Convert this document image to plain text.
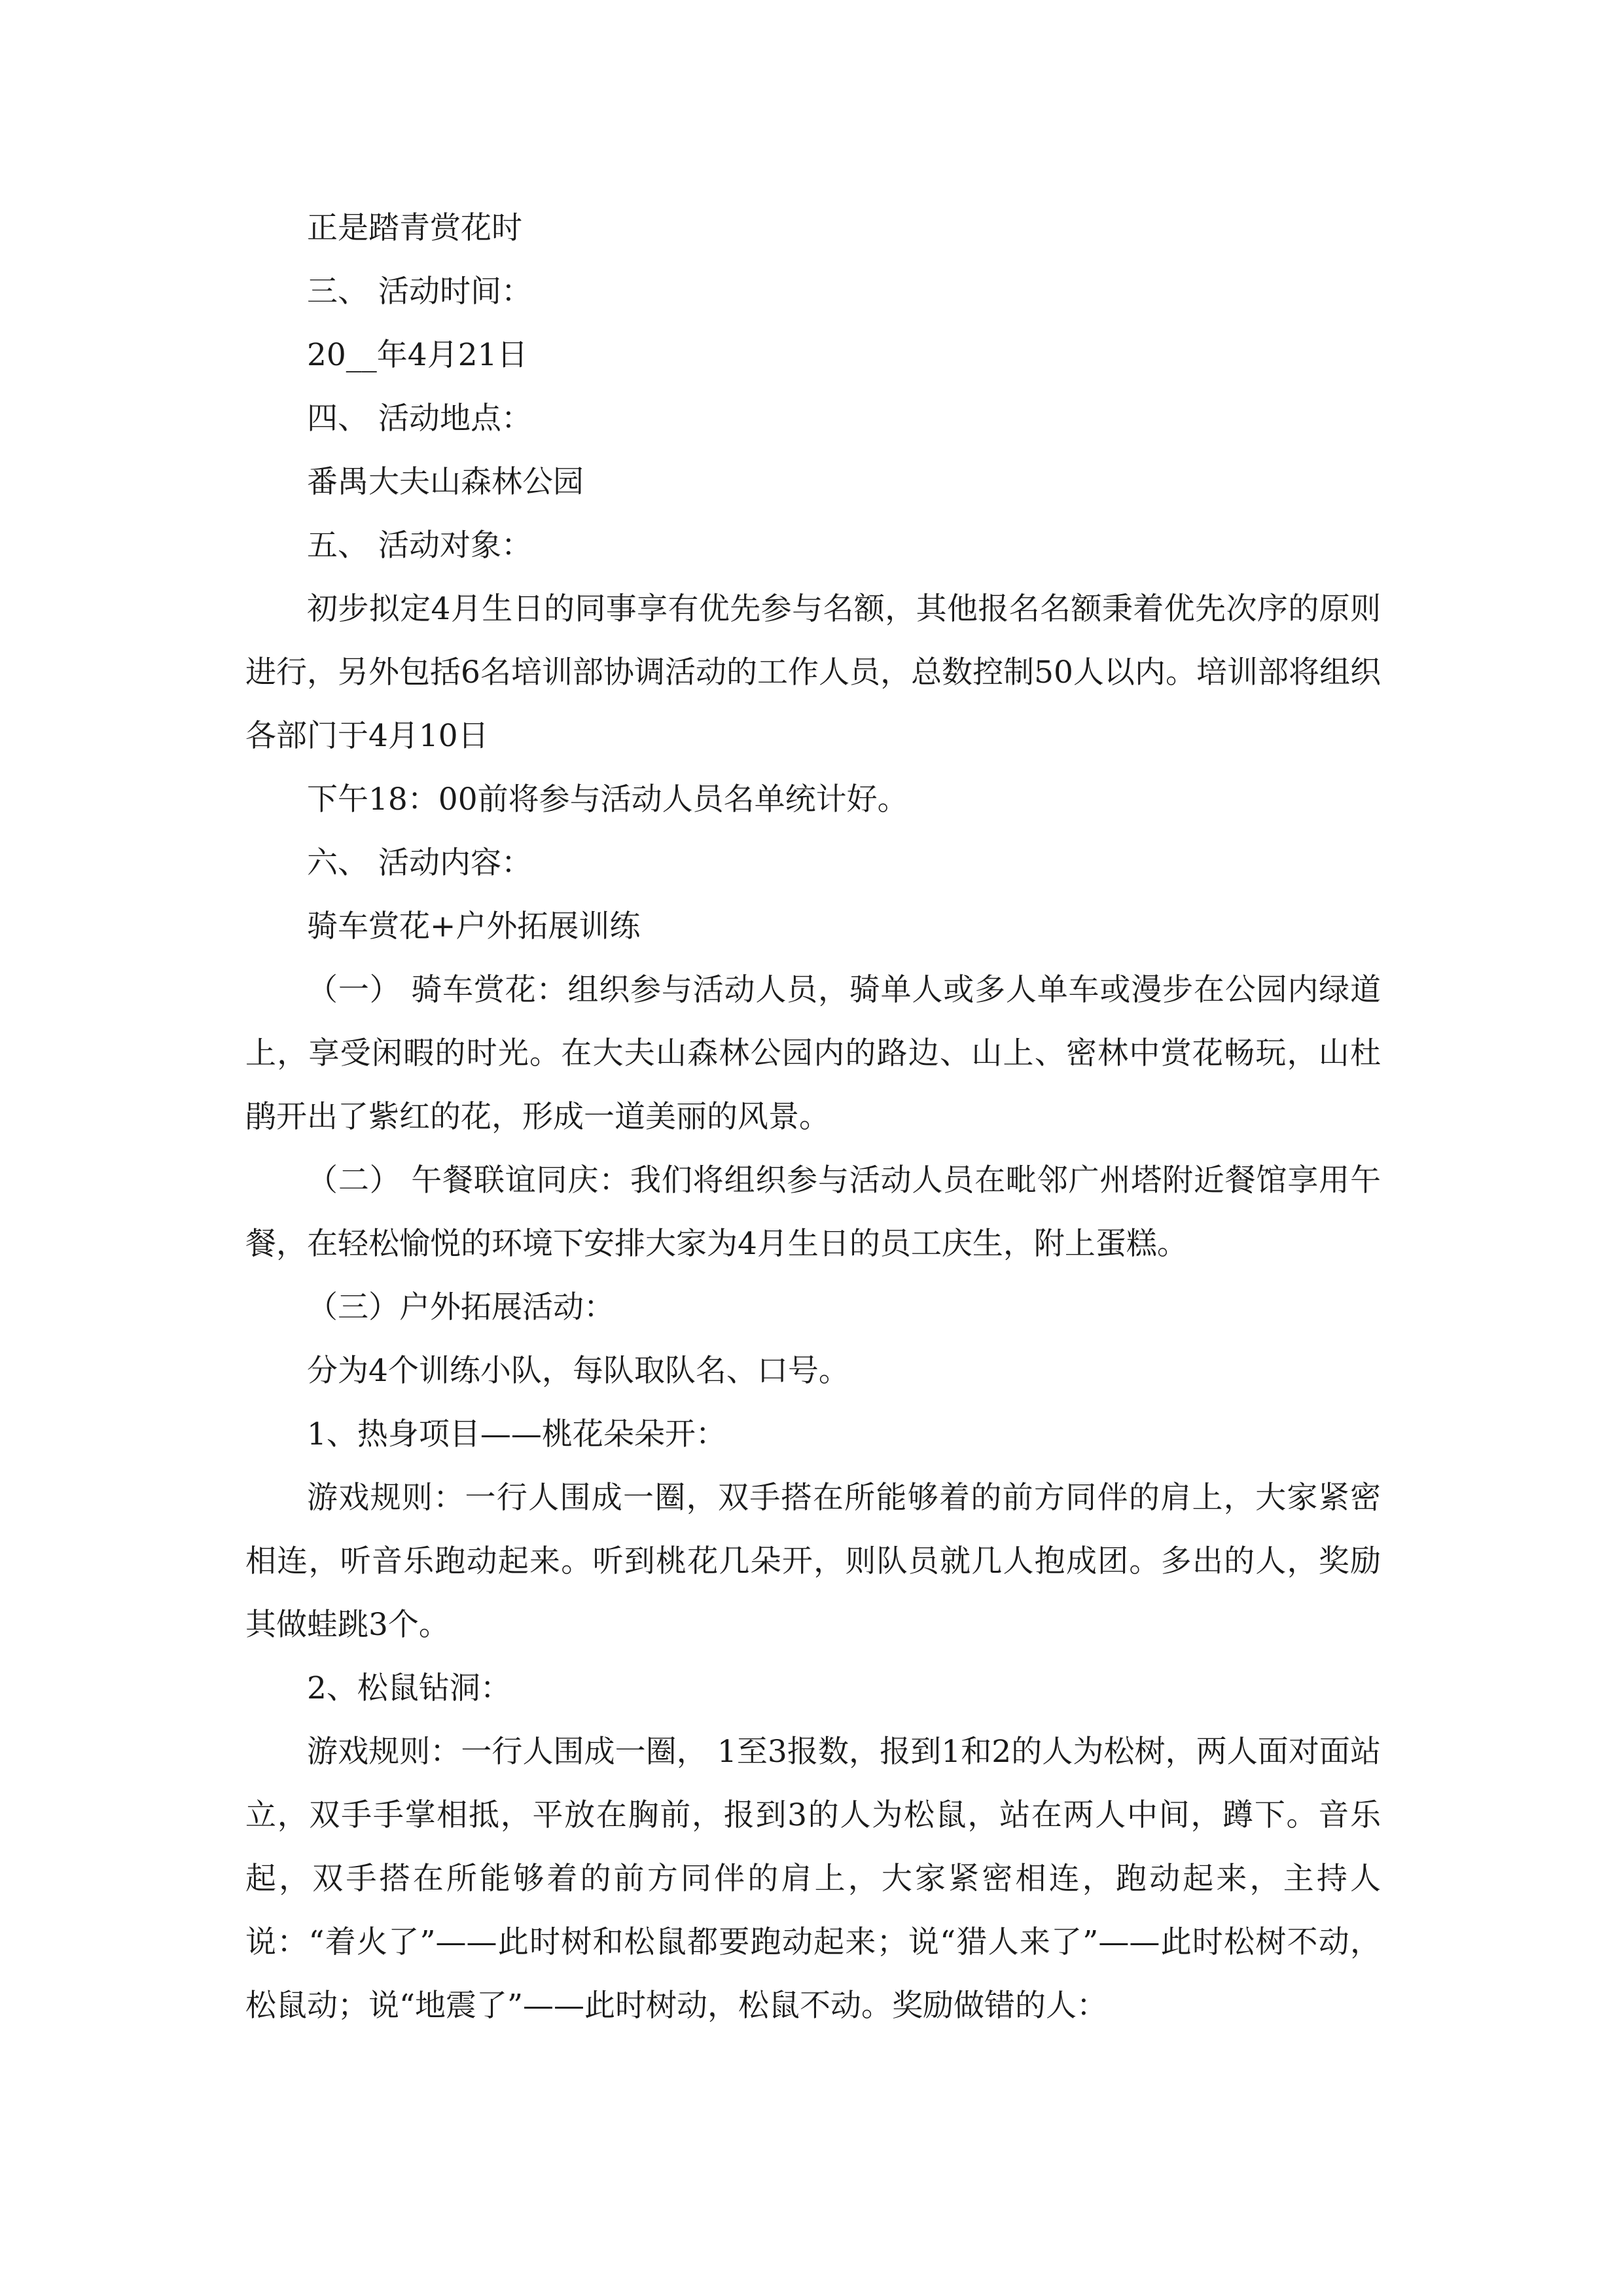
正是踏青赏花时

三、 活动时间：

20__年4月21日

四、 活动地点：

番禺大夫山森林公园

五、 活动对象：

初步拟定4月生日的同事享有优先参与名额，其他报名名额秉着优先次序的原则进行，另外包括6名培训部协调活动的工作人员，总数控制50人以内。培训部将组织各部门于4月10日

下午18：00前将参与活动人员名单统计好。

六、 活动内容：

骑车赏花+户外拓展训练

（一） 骑车赏花：组织参与活动人员，骑单人或多人单车或漫步在公园内绿道上，享受闲暇的时光。在大夫山森林公园内的路边、山上、密林中赏花畅玩，山杜鹃开出了紫红的花，形成一道美丽的风景。

（二） 午餐联谊同庆：我们将组织参与活动人员在毗邻广州塔附近餐馆享用午餐，在轻松愉悦的环境下安排大家为4月生日的员工庆生，附上蛋糕。

（三）户外拓展活动：

分为4个训练小队，每队取队名、口号。

1、热身项目——桃花朵朵开：

游戏规则：一行人围成一圈，双手搭在所能够着的前方同伴的肩上，大家紧密相连，听音乐跑动起来。听到桃花几朵开，则队员就几人抱成团。多出的人，奖励其做蛙跳3个。

2、松鼠钻洞：

游戏规则：一行人围成一圈， 1至3报数，报到1和2的人为松树，两人面对面站立，双手手掌相抵，平放在胸前，报到3的人为松鼠，站在两人中间，蹲下。音乐起，双手搭在所能够着的前方同伴的肩上，大家紧密相连，跑动起来，主持人说：“着火了”——此时树和松鼠都要跑动起来；说“猎人来了”——此时松树不动，松鼠动；说“地震了”——此时树动，松鼠不动。奖励做错的人：
